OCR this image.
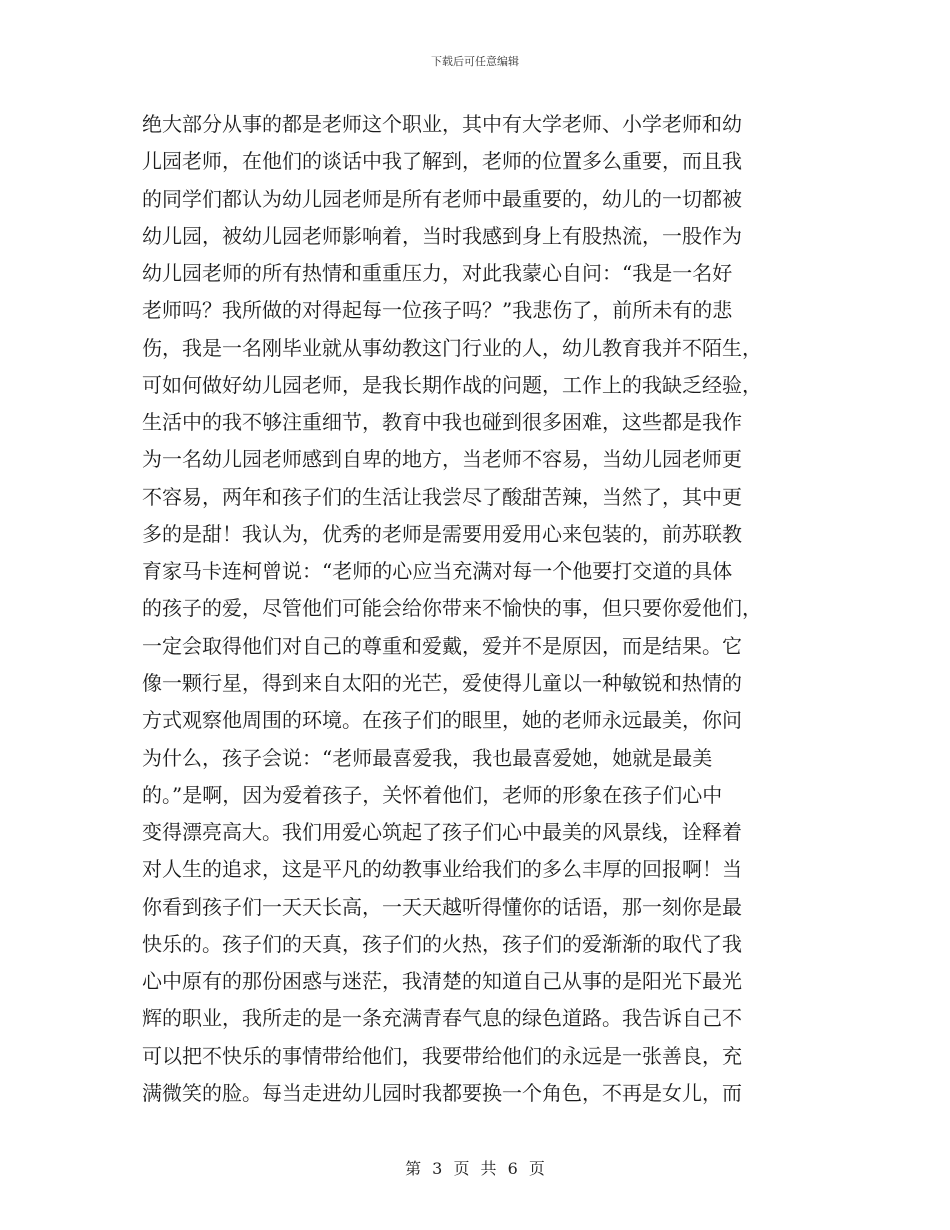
下载后可任意编辑
绝大部分从事的都是老师这个职业，其中有大学老师、小学老师和幼
儿园老师，在他们的谈话中我了解到，老师的位置多么重要，而且我
的同学们都认为幼儿园老师是所有老师中最重要的，幼儿的一切都被
幼儿园，被幼儿园老师影响着，当时我感到身上有股热流，一股作为
幼儿园老师的所有热情和重重压力，对此我蒙心自问：“我是一名好
老师吗？我所做的对得起每一位孩子吗？”我悲伤了，前所未有的悲
伤，我是一名刚毕业就从事幼教这门行业的人，幼儿教育我并不陌生，
可如何做好幼儿园老师，是我长期作战的问题，工作上的我缺乏经验，
生活中的我不够注重细节，教育中我也碰到很多困难，这些都是我作
为一名幼儿园老师感到自卑的地方，当老师不容易，当幼儿园老师更
不容易，两年和孩子们的生活让我尝尽了酸甜苦辣，当然了，其中更
多的是甜！我认为，优秀的老师是需要用爱用心来包装的，前苏联教
育家马卡连柯曾说：“老师的心应当充满对每一个他要打交道的具体
的孩子的爱，尽管他们可能会给你带来不愉快的事，但只要你爱他们，
一定会取得他们对自己的尊重和爱戴，爱并不是原因，而是结果。它
像一颗行星，得到来自太阳的光芒，爱使得儿童以一种敏锐和热情的
方式观察他周围的环境。在孩子们的眼里，她的老师永远最美，你问
为什么，孩子会说：“老师最喜爱我，我也最喜爱她，她就是最美
的。”是啊，因为爱着孩子，关怀着他们，老师的形象在孩子们心中
变得漂亮高大。我们用爱心筑起了孩子们心中最美的风景线，诠释着
对人生的追求，这是平凡的幼教事业给我们的多么丰厚的回报啊！当
你看到孩子们一天天长高，一天天越听得懂你的话语，那一刻你是最
快乐的。孩子们的天真，孩子们的火热，孩子们的爱渐渐的取代了我
心中原有的那份困惑与迷茫，我清楚的知道自己从事的是阳光下最光
辉的职业，我所走的是一条充满青春气息的绿色道路。我告诉自己不
可以把不快乐的事情带给他们，我要带给他们的永远是一张善良，充
满微笑的脸。每当走进幼儿园时我都要换一个角色，不再是女儿，而
第 3 页 共 6 页
